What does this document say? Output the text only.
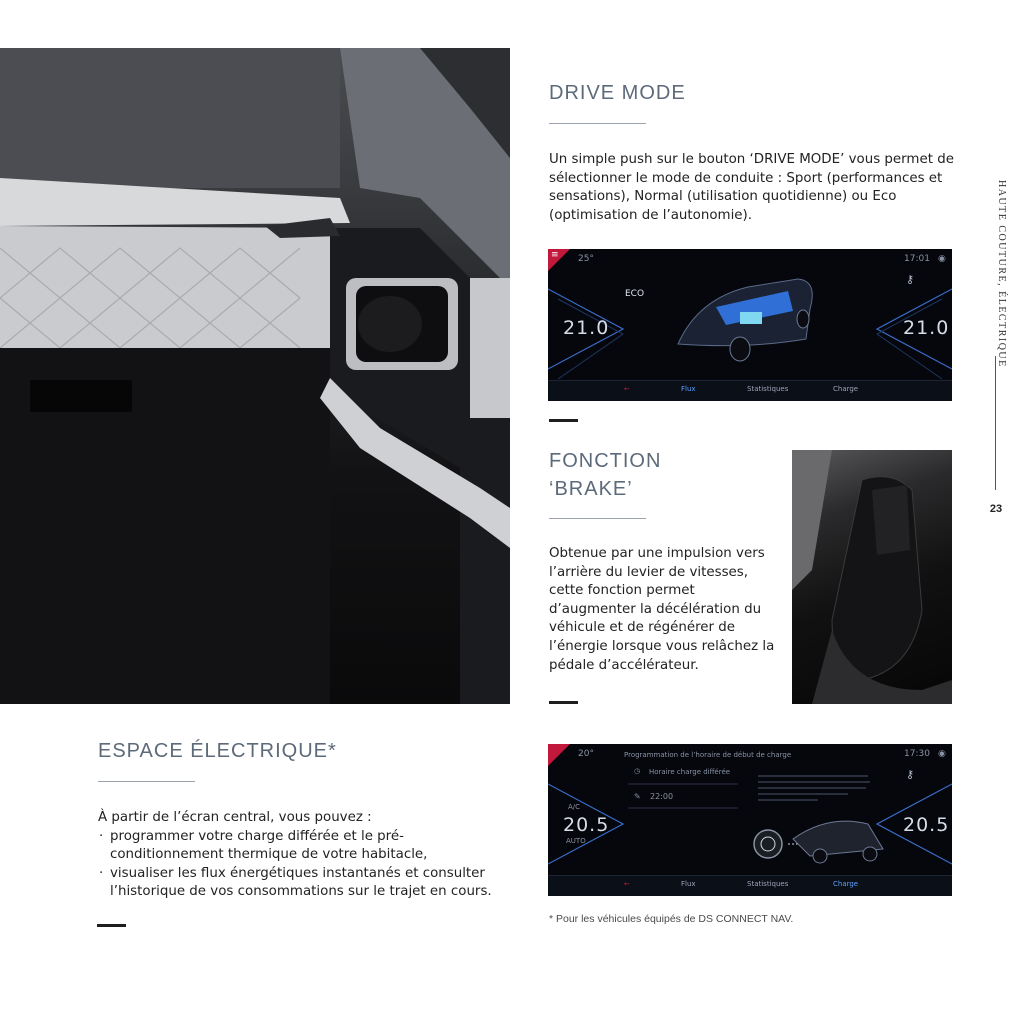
DRIVE MODE

Un simple push sur le bouton ‘DRIVE MODE’ vous permet de sélectionner le mode de conduite : Sport (performances et sensations), Normal (utilisation quotidienne) ou Eco (optimisation de l’autonomie).

≡ 25°	17:01 ◉
⚷
ECO
21.0	21.0
←	Flux	Statistiques	Charge
FONCTION
‘BRAKE’

Obtenue par une impulsion vers l’arrière du levier de vitesses, cette fonction permet d’augmenter la décélération du véhicule et de régénérer de l’énergie lorsque vous relâchez la pédale d’accélérateur.

ESPACE ÉLECTRIQUE*

À partir de l’écran central, vous pouvez :

· programmer votre charge différée et le pré-conditionnement thermique de votre habitacle,
· visualiser les flux énergétiques instantanés et consulter l’historique de vos consommations sur le trajet en cours.
20°	Programmation de l’horaire de début de charge	17:30 ◉
⚷
◷ Horaire charge différée
✎ 22:00
A/C
20.5
AUTO
20.5
←	Flux	Statistiques	Charge
* Pour les véhicules équipés de DS CONNECT NAV.
HAUTE COUTURE, ÉLECTRIQUE
23
